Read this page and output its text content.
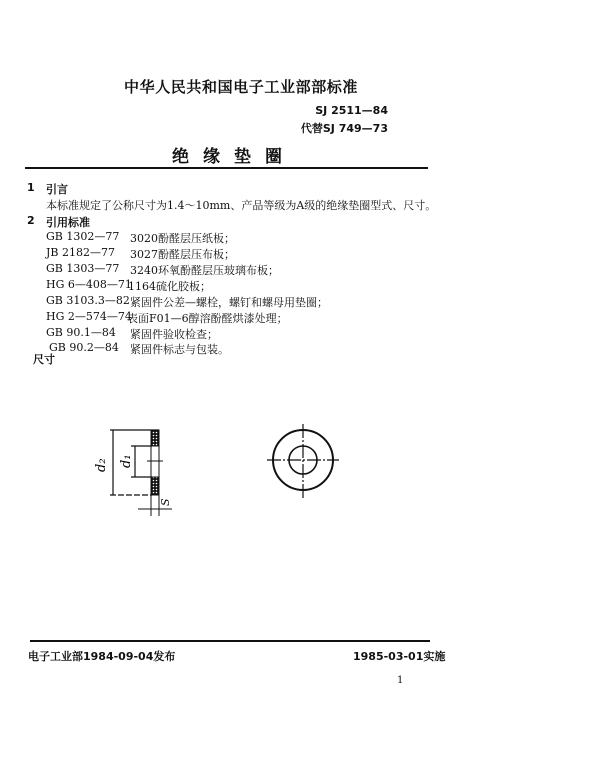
中华人民共和国电子工业部部标准
SJ 2511—84
代替SJ 749—73
绝缘垫圈
1 引言
本标准规定了公称尺寸为1.4～10mm、产品等级为A级的绝缘垫圈型式、尺寸。
2 引用标准
GB 1302—77 3020酚醛层压纸板；
JB 2182—77 3027酚醛层压布板；
GB 1303—77 3240环氧酚醛层压玻璃布板；
HG 6—408—71
1164硫化胶板；
GB 3103.3—82 紧固件公差—螺栓，螺钉和螺母用垫圈；
HG 2—574—74
表面F01—6醇溶酚醛烘漆处理；
GB 90.1—84 紧固件验收检查；
GB 90.2—84 紧固件标志与包装。
尺寸
d₂ d₁
S
电子工业部1984-09-04发布	1985-03-01实施
1
